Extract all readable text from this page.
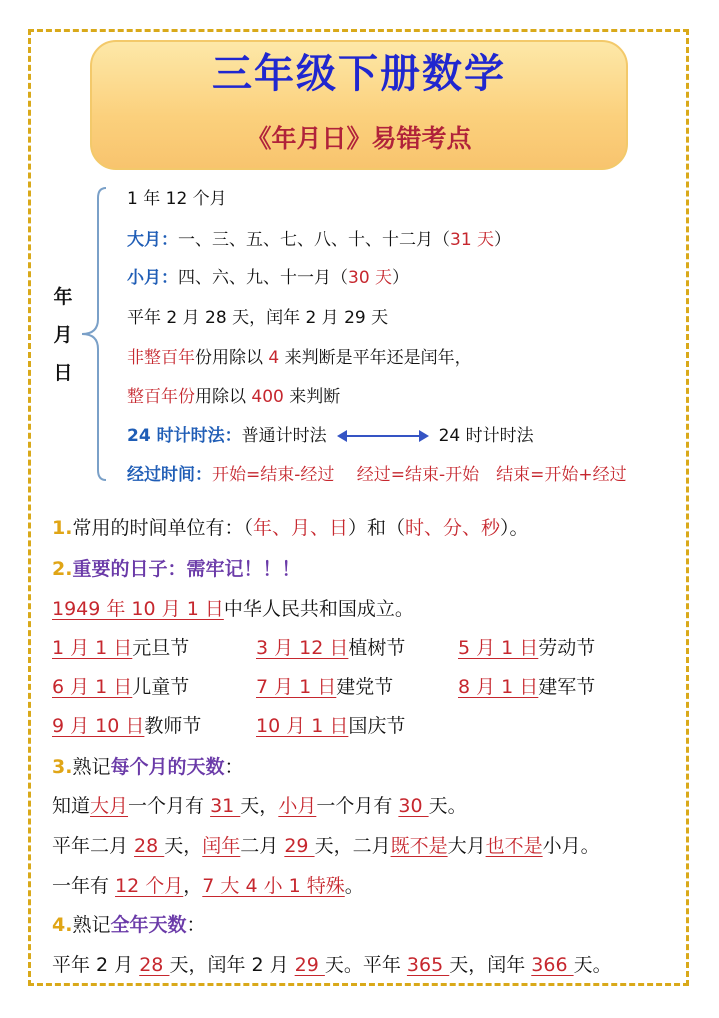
三年级下册数学
《年月日》易错考点
年
月
日
1 年 12 个月
大月：一、三、五、七、八、十、十二月（31 天）
小月：四、六、九、十一月（30 天）
平年 2 月 28 天，闰年 2 月 29 天
非整百年份用除以 4 来判断是平年还是闰年，
整百年份用除以 400 来判断
24 时计时法：普通计时法	24 时计时法
经过时间：开始=结束-经过　 经过=结束-开始　结束=开始+经过
1.常用的时间单位有：（年、月、日）和（时、分、秒）。
2.重要的日子：需牢记！！！
1949 年 10 月 1 日中华人民共和国成立。
1 月 1 日元旦节	3 月 12 日植树节	5 月 1 日劳动节
6 月 1 日儿童节	7 月 1 日建党节	8 月 1 日建军节
9 月 10 日教师节	10 月 1 日国庆节
3.熟记每个月的天数：
知道大月一个月有 31 天，小月一个月有 30 天。
平年二月 28 天，闰年二月 29 天，二月既不是大月也不是小月。
一年有 12 个月，7 大 4 小 1 特殊。
4.熟记全年天数：
平年 2 月 28 天，闰年 2 月 29 天。平年 365 天，闰年 366 天。
